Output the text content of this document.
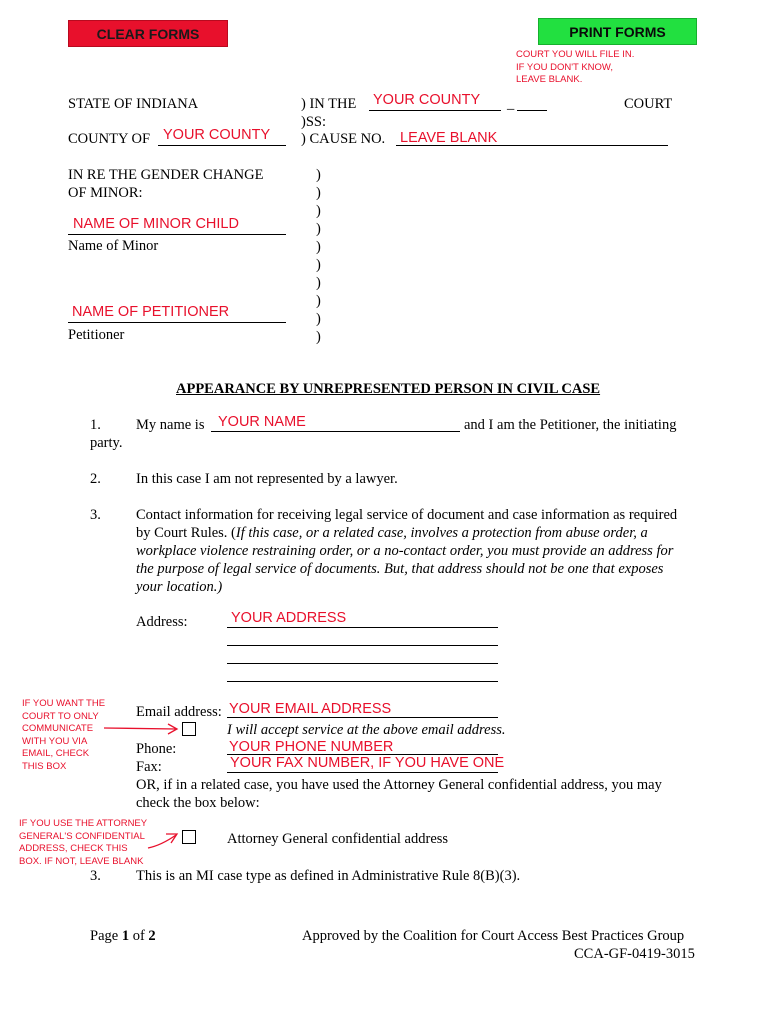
CLEAR FORMS	PRINT FORMS
COURT YOU WILL FILE IN.
IF YOU DON'T KNOW,
LEAVE BLANK.
STATE OF INDIANA
COUNTY OF YOUR COUNTY
IN RE THE GENDER CHANGE
OF MINOR:
NAME OF MINOR CHILD
Name of Minor
NAME OF PETITIONER
Petitioner
) IN THE YOUR COUNTY _	COURT
)SS:
) CAUSE NO. LEAVE BLANK
)
)
)
)
)
)
)
)
)
)
APPEARANCE BY UNREPRESENTED PERSON IN CIVIL CASE
1. My name is YOUR NAME	and I am the Petitioner, the initiating
party.
2. In this case I am not represented by a lawyer.
3. Contact information for receiving legal service of document and case information as required
by Court Rules. (If this case, or a related case, involves a protection from abuse order, a
workplace violence restraining order, or a no-contact order, you must provide an address for
the purpose of legal service of documents. But, that address should not be one that exposes
your location.)
Address:	YOUR ADDRESS
Email address: YOUR EMAIL ADDRESS
I will accept service at the above email address.
Phone:	YOUR PHONE NUMBER
Fax:	YOUR FAX NUMBER, IF YOU HAVE ONE
OR, if in a related case, you have used the Attorney General confidential address, you may
check the box below:
Attorney General confidential address
3. This is an MI case type as defined in Administrative Rule 8(B)(3).
IF YOU WANT THE
COURT TO ONLY
COMMUNICATE
WITH YOU VIA
EMAIL, CHECK
THIS BOX
IF YOU USE THE ATTORNEY
GENERAL'S CONFIDENTIAL
ADDRESS, CHECK THIS
BOX. IF NOT, LEAVE BLANK
Page 1 of 2	Approved by the Coalition for Court Access Best Practices Group
CCA-GF-0419-3015
